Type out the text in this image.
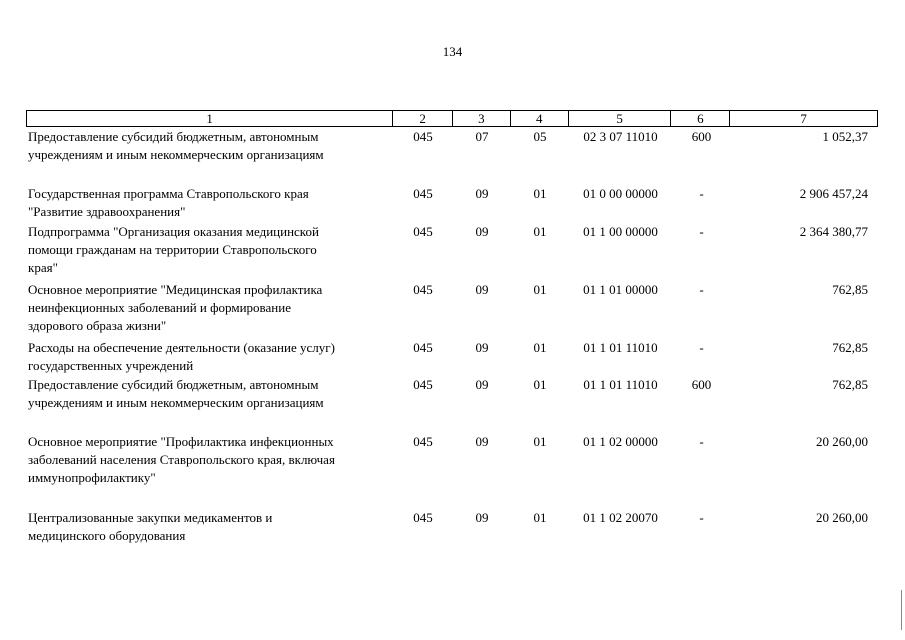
134
1	2	3	4	5	6	7
Предоставление субсидий бюджетным, автономным
учреждениям и иным некоммерческим организациям
045	07	05	02 3 07 11010	600	1 052,37
Государственная программа Ставропольского края
"Развитие здравоохранения"
045	09	01	01 0 00 00000	-	2 906 457,24
Подпрограмма "Организация оказания медицинской
помощи гражданам на территории Ставропольского
края"
045	09	01	01 1 00 00000	-	2 364 380,77
Основное мероприятие "Медицинская профилактика
неинфекционных заболеваний и формирование
здорового образа жизни"
045	09	01	01 1 01 00000	-	762,85
Расходы на обеспечение деятельности (оказание услуг)
государственных учреждений
045	09	01	01 1 01 11010	-	762,85
Предоставление субсидий бюджетным, автономным
учреждениям и иным некоммерческим организациям
045	09	01	01 1 01 11010	600	762,85
Основное мероприятие "Профилактика инфекционных
заболеваний населения Ставропольского края, включая
иммунопрофилактику"
045	09	01	01 1 02 00000	-	20 260,00
Централизованные закупки медикаментов и
медицинского оборудования
045	09	01	01 1 02 20070	-	20 260,00
